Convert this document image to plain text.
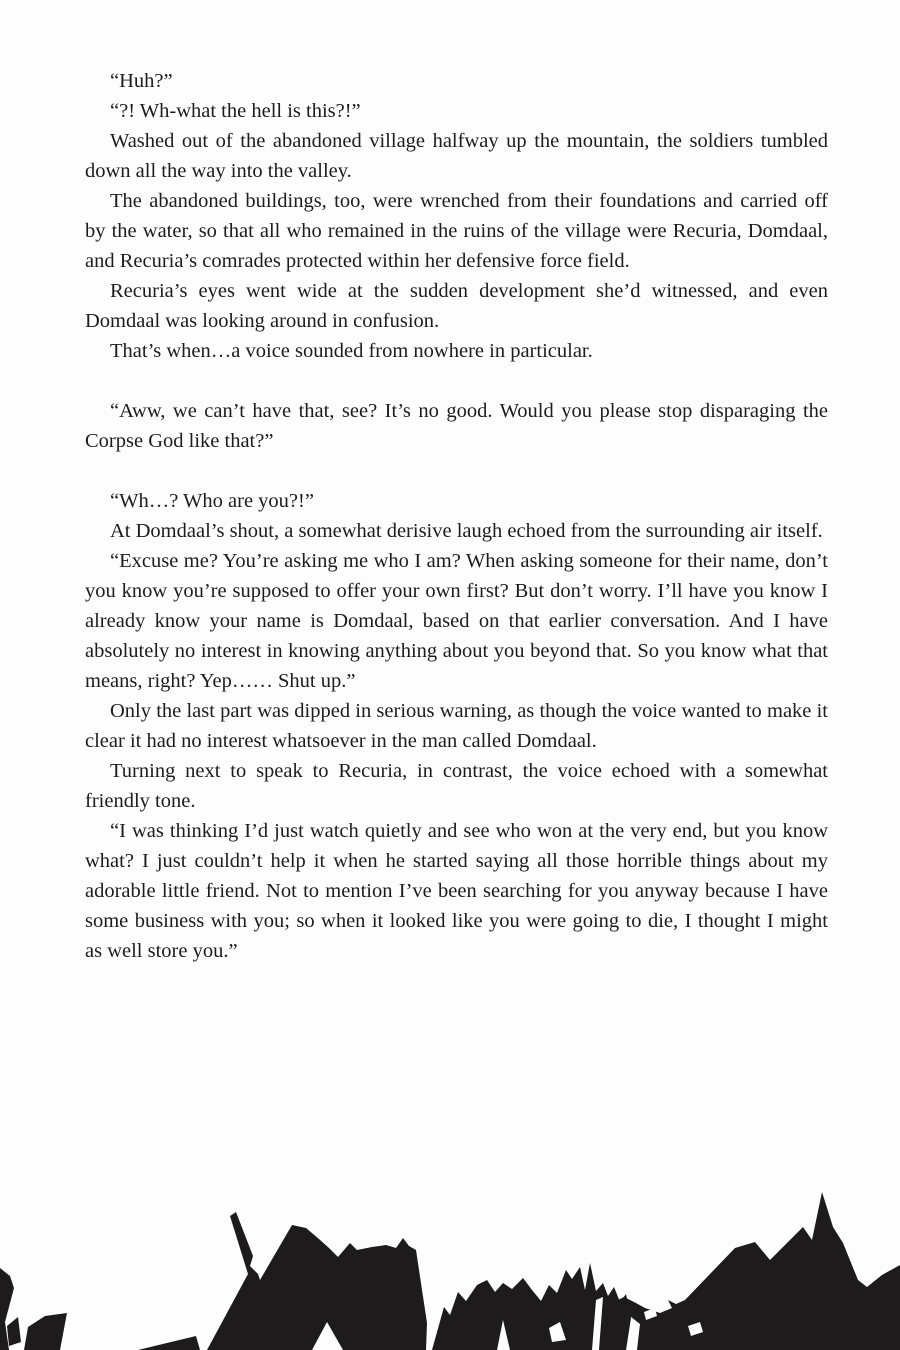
“Huh?”

“?! Wh-what the hell is this?!”

Washed out of the abandoned village halfway up the mountain, the soldiers tumbled down all the way into the valley.

The abandoned buildings, too, were wrenched from their foundations and carried off by the water, so that all who remained in the ruins of the village were Recuria, Domdaal, and Recuria’s comrades protected within her defensive force field.

Recuria’s eyes went wide at the sudden development she’d witnessed, and even Domdaal was looking around in confusion.

That’s when…a voice sounded from nowhere in particular.

“Aww, we can’t have that, see? It’s no good. Would you please stop disparaging the Corpse God like that?”

“Wh…? Who are you?!”

At Domdaal’s shout, a somewhat derisive laugh echoed from the surrounding air itself.

“Excuse me? You’re asking me who I am? When asking someone for their name, don’t you know you’re supposed to offer your own first? But don’t worry. I’ll have you know I already know your name is Domdaal, based on that earlier conversation. And I have absolutely no interest in knowing anything about you beyond that. So you know what that means, right? Yep…… Shut up.”

Only the last part was dipped in serious warning, as though the voice wanted to make it clear it had no interest whatsoever in the man called Domdaal.

Turning next to speak to Recuria, in contrast, the voice echoed with a somewhat friendly tone.

“I was thinking I’d just watch quietly and see who won at the very end, but you know what? I just couldn’t help it when he started saying all those horrible things about my adorable little friend. Not to mention I’ve been searching for you anyway because I have some business with you; so when it looked like you were going to die, I thought I might as well store you.”
